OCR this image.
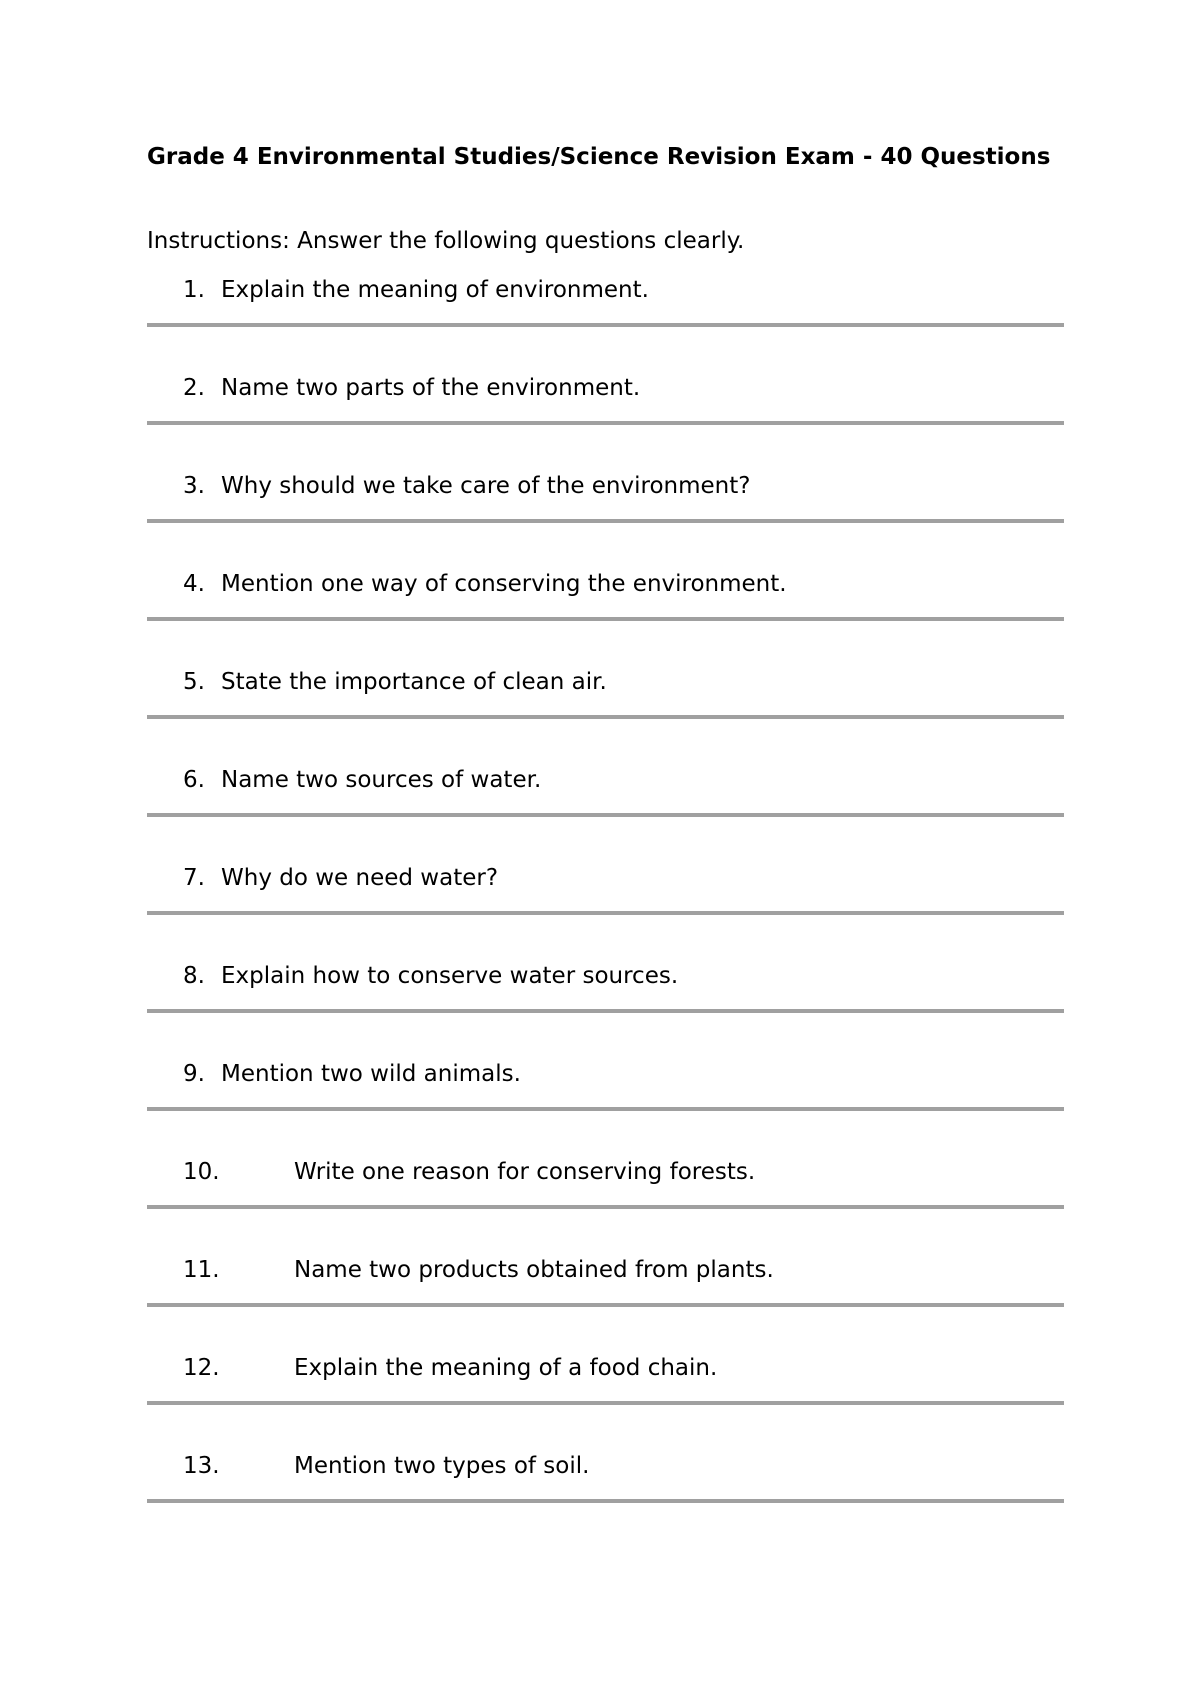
Grade 4 Environmental Studies/Science Revision Exam - 40 Questions

Instructions: Answer the following questions clearly.

1. Explain the meaning of environment.
2. Name two parts of the environment.
3. Why should we take care of the environment?
4. Mention one way of conserving the environment.
5. State the importance of clean air.
6. Name two sources of water.
7. Why do we need water?
8. Explain how to conserve water sources.
9. Mention two wild animals.
10.	Write one reason for conserving forests.
11.	Name two products obtained from plants.
12.	Explain the meaning of a food chain.
13.	Mention two types of soil.
